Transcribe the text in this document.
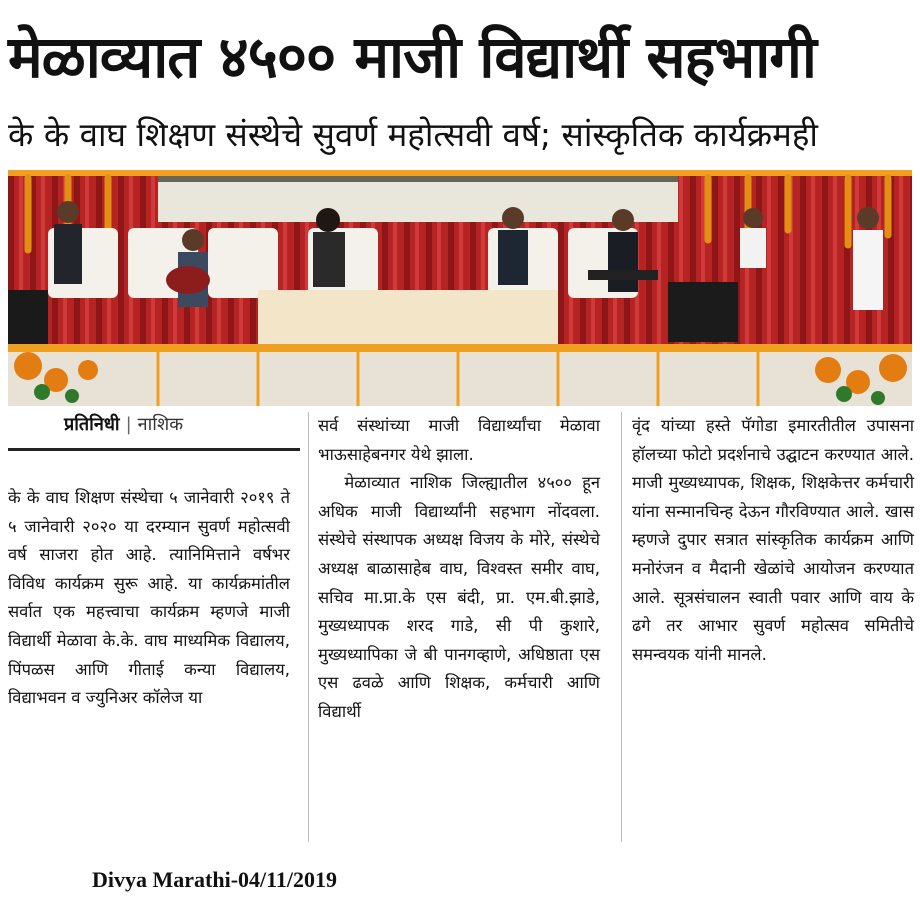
मेळाव्यात ४५०० माजी विद्यार्थी सहभागी
के के वाघ शिक्षण संस्थेचे सुवर्ण महोत्सवी वर्ष; सांस्कृतिक कार्यक्रमही
प्रतिनिधी | नाशिक

के के वाघ शिक्षण संस्थेचा ५ जानेवारी २०१९ ते ५ जानेवारी २०२० या दरम्यान सुवर्ण महोत्सवी वर्ष साजरा होत आहे. त्यानिमित्ताने वर्षभर विविध कार्यक्रम सुरू आहे. या कार्यक्रमांतील सर्वात एक महत्त्वाचा कार्यक्रम म्हणजे माजी विद्यार्थी मेळावा के.के. वाघ माध्यमिक विद्यालय, पिंपळस आणि गीताई कन्या विद्यालय, विद्याभवन व ज्युनिअर कॉलेज या

सर्व संस्थांच्या माजी विद्यार्थ्यांचा मेळावा भाऊसाहेबनगर येथे झाला.

मेळाव्यात नाशिक जिल्ह्यातील ४५०० हून अधिक माजी विद्यार्थ्यांनी सहभाग नोंदवला. संस्थेचे संस्थापक अध्यक्ष विजय के मोरे, संस्थेचे अध्यक्ष बाळासाहेब वाघ, विश्वस्त समीर वाघ, सचिव मा.प्रा.के एस बंदी, प्रा. एम.बी.झाडे, मुख्यध्यापक शरद गाडे, सी पी कुशारे, मुख्यध्यापिका जे बी पानगव्हाणे, अधिष्ठाता एस एस ढवळे आणि शिक्षक, कर्मचारी आणि विद्यार्थी

वृंद यांच्या हस्ते पॅगोडा इमारतीतील उपासना हॉलच्या फोटो प्रदर्शनाचे उद्घाटन करण्यात आले. माजी मुख्यध्यापक, शिक्षक, शिक्षकेत्तर कर्मचारी यांना सन्मानचिन्ह देऊन गौरविण्यात आले. खास म्हणजे दुपार सत्रात सांस्कृतिक कार्यक्रम आणि मनोरंजन व मैदानी खेळांचे आयोजन करण्यात आले. सूत्रसंचालन स्वाती पवार आणि वाय के ढगे तर आभार सुवर्ण महोत्सव समितीचे समन्वयक यांनी मानले.

Divya Marathi-04/11/2019
